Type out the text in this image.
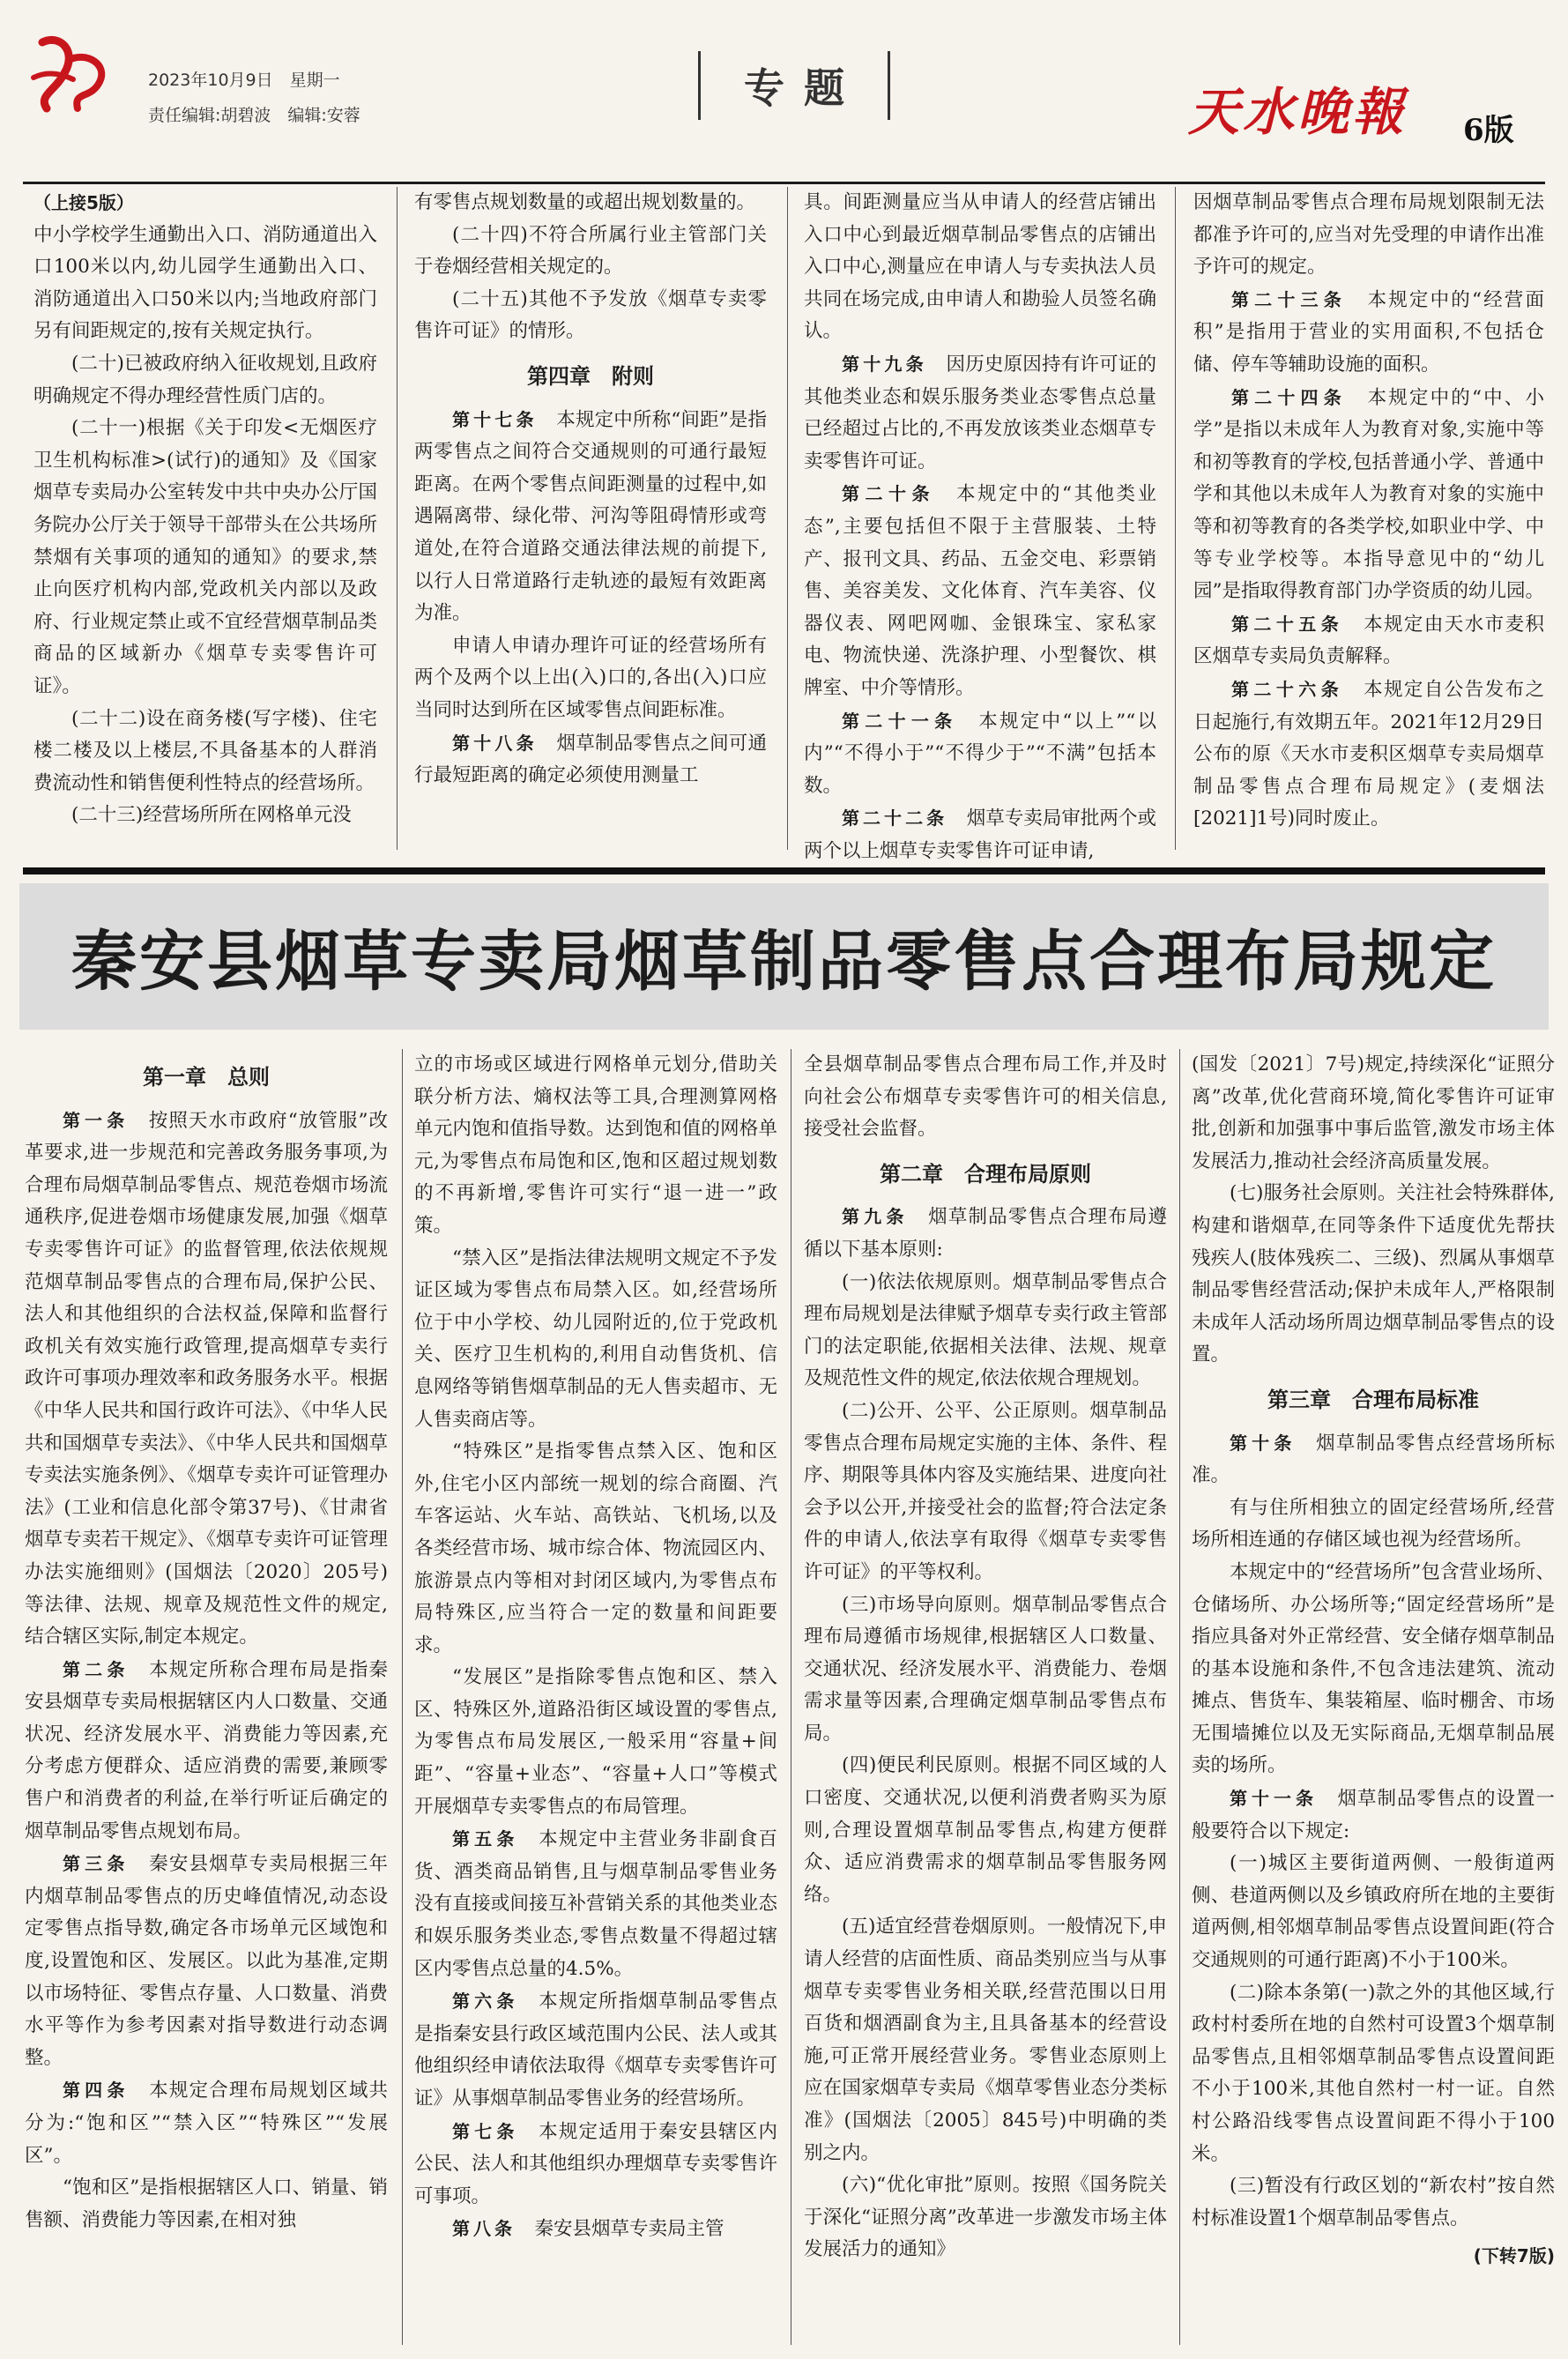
2023年10月9日　星期一
责任编辑:胡碧波　编辑:安蓉
专题	天水晚報 6版

（上接5版）

中小学校学生通勤出入口、消防通道出入口100米以内,幼儿园学生通勤出入口、消防通道出入口50米以内;当地政府部门另有间距规定的,按有关规定执行。

(二十)已被政府纳入征收规划,且政府明确规定不得办理经营性质门店的。

(二十一)根据《关于印发<无烟医疗卫生机构标准>(试行)的通知》及《国家烟草专卖局办公室转发中共中央办公厅国务院办公厅关于领导干部带头在公共场所禁烟有关事项的通知的通知》的要求,禁止向医疗机构内部,党政机关内部以及政府、行业规定禁止或不宜经营烟草制品类商品的区域新办《烟草专卖零售许可证》。

(二十二)设在商务楼(写字楼)、住宅楼二楼及以上楼层,不具备基本的人群消费流动性和销售便利性特点的经营场所。

(二十三)经营场所所在网格单元没

有零售点规划数量的或超出规划数量的。

(二十四)不符合所属行业主管部门关于卷烟经营相关规定的。

(二十五)其他不予发放《烟草专卖零售许可证》的情形。

第四章　附则

第十七条　 本规定中所称“间距”是指两零售点之间符合交通规则的可通行最短距离。在两个零售点间距测量的过程中,如遇隔离带、绿化带、河沟等阻碍情形或弯道处,在符合道路交通法律法规的前提下,以行人日常道路行走轨迹的最短有效距离为准。

申请人申请办理许可证的经营场所有两个及两个以上出(入)口的,各出(入)口应当同时达到所在区域零售点间距标准。

第十八条　 烟草制品零售点之间可通行最短距离的确定必须使用测量工

具。间距测量应当从申请人的经营店铺出入口中心到最近烟草制品零售点的店铺出入口中心,测量应在申请人与专卖执法人员共同在场完成,由申请人和勘验人员签名确认。

第十九条　 因历史原因持有许可证的其他类业态和娱乐服务类业态零售点总量已经超过占比的,不再发放该类业态烟草专卖零售许可证。

第二十条　 本规定中的“其他类业态”,主要包括但不限于主营服装、土特产、报刊文具、药品、五金交电、彩票销售、美容美发、文化体育、汽车美容、仪器仪表、网吧网咖、金银珠宝、家私家电、物流快递、洗涤护理、小型餐饮、棋牌室、中介等情形。

第二十一条　 本规定中“以上”“以内”“不得小于”“不得少于”“不满”包括本数。

第二十二条　 烟草专卖局审批两个或两个以上烟草专卖零售许可证申请,

因烟草制品零售点合理布局规划限制无法都准予许可的,应当对先受理的申请作出准予许可的规定。

第二十三条　 本规定中的“经营面积”是指用于营业的实用面积,不包括仓储、停车等辅助设施的面积。

第二十四条　 本规定中的“中、小学”是指以未成年人为教育对象,实施中等和初等教育的学校,包括普通小学、普通中学和其他以未成年人为教育对象的实施中等和初等教育的各类学校,如职业中学、中等专业学校等。本指导意见中的“幼儿园”是指取得教育部门办学资质的幼儿园。

第二十五条　 本规定由天水市麦积区烟草专卖局负责解释。

第二十六条　 本规定自公告发布之日起施行,有效期五年。2021年12月29日公布的原《天水市麦积区烟草专卖局烟草制品零售点合理布局规定》(麦烟法[2021]1号)同时废止。

秦安县烟草专卖局烟草制品零售点合理布局规定

第一章　总则

第一条　 按照天水市政府“放管服”改革要求,进一步规范和完善政务服务事项,为合理布局烟草制品零售点、规范卷烟市场流通秩序,促进卷烟市场健康发展,加强《烟草专卖零售许可证》的监督管理,依法依规规范烟草制品零售点的合理布局,保护公民、法人和其他组织的合法权益,保障和监督行政机关有效实施行政管理,提高烟草专卖行政许可事项办理效率和政务服务水平。根据《中华人民共和国行政许可法》、《中华人民共和国烟草专卖法》、《中华人民共和国烟草专卖法实施条例》、《烟草专卖许可证管理办法》(工业和信息化部令第37号)、《甘肃省烟草专卖若干规定》、《烟草专卖许可证管理办法实施细则》(国烟法〔2020〕205号)等法律、法规、规章及规范性文件的规定,结合辖区实际,制定本规定。

第二条　 本规定所称合理布局是指秦安县烟草专卖局根据辖区内人口数量、交通状况、经济发展水平、消费能力等因素,充分考虑方便群众、适应消费的需要,兼顾零售户和消费者的利益,在举行听证后确定的烟草制品零售点规划布局。

第三条　 秦安县烟草专卖局根据三年内烟草制品零售点的历史峰值情况,动态设定零售点指导数,确定各市场单元区域饱和度,设置饱和区、发展区。以此为基准,定期以市场特征、零售点存量、人口数量、消费水平等作为参考因素对指导数进行动态调整。

第四条　 本规定合理布局规划区域共分为:“饱和区”“禁入区”“特殊区”“发展区”。

“饱和区”是指根据辖区人口、销量、销售额、消费能力等因素,在相对独

立的市场或区域进行网格单元划分,借助关联分析方法、熵权法等工具,合理测算网格单元内饱和值指导数。达到饱和值的网格单元,为零售点布局饱和区,饱和区超过规划数的不再新增,零售许可实行“退一进一”政策。

“禁入区”是指法律法规明文规定不予发证区域为零售点布局禁入区。如,经营场所位于中小学校、幼儿园附近的,位于党政机关、医疗卫生机构的,利用自动售货机、信息网络等销售烟草制品的无人售卖超市、无人售卖商店等。

“特殊区”是指零售点禁入区、饱和区外,住宅小区内部统一规划的综合商圈、汽车客运站、火车站、高铁站、飞机场,以及各类经营市场、城市综合体、物流园区内、旅游景点内等相对封闭区域内,为零售点布局特殊区,应当符合一定的数量和间距要求。

“发展区”是指除零售点饱和区、禁入区、特殊区外,道路沿街区域设置的零售点,为零售点布局发展区,一般采用“容量+间距”、“容量+业态”、“容量+人口”等模式开展烟草专卖零售点的布局管理。

第五条　 本规定中主营业务非副食百货、酒类商品销售,且与烟草制品零售业务没有直接或间接互补营销关系的其他类业态和娱乐服务类业态,零售点数量不得超过辖区内零售点总量的4.5%。

第六条　 本规定所指烟草制品零售点是指秦安县行政区域范围内公民、法人或其他组织经申请依法取得《烟草专卖零售许可证》从事烟草制品零售业务的经营场所。

第七条　 本规定适用于秦安县辖区内公民、法人和其他组织办理烟草专卖零售许可事项。

第八条　 秦安县烟草专卖局主管

全县烟草制品零售点合理布局工作,并及时向社会公布烟草专卖零售许可的相关信息,接受社会监督。

第二章　合理布局原则

第九条　 烟草制品零售点合理布局遵循以下基本原则:

(一)依法依规原则。烟草制品零售点合理布局规划是法律赋予烟草专卖行政主管部门的法定职能,依据相关法律、法规、规章及规范性文件的规定,依法依规合理规划。

(二)公开、公平、公正原则。烟草制品零售点合理布局规定实施的主体、条件、程序、期限等具体内容及实施结果、进度向社会予以公开,并接受社会的监督;符合法定条件的申请人,依法享有取得《烟草专卖零售许可证》的平等权利。

(三)市场导向原则。烟草制品零售点合理布局遵循市场规律,根据辖区人口数量、交通状况、经济发展水平、消费能力、卷烟需求量等因素,合理确定烟草制品零售点布局。

(四)便民利民原则。根据不同区域的人口密度、交通状况,以便利消费者购买为原则,合理设置烟草制品零售点,构建方便群众、适应消费需求的烟草制品零售服务网络。

(五)适宜经营卷烟原则。一般情况下,申请人经营的店面性质、商品类别应当与从事烟草专卖零售业务相关联,经营范围以日用百货和烟酒副食为主,且具备基本的经营设施,可正常开展经营业务。零售业态原则上应在国家烟草专卖局《烟草零售业态分类标准》(国烟法〔2005〕845号)中明确的类别之内。

(六)“优化审批”原则。按照《国务院关于深化“证照分离”改革进一步激发市场主体发展活力的通知》

(国发〔2021〕7号)规定,持续深化“证照分离”改革,优化营商环境,简化零售许可证审批,创新和加强事中事后监管,激发市场主体发展活力,推动社会经济高质量发展。

(七)服务社会原则。关注社会特殊群体,构建和谐烟草,在同等条件下适度优先帮扶残疾人(肢体残疾二、三级)、烈属从事烟草制品零售经营活动;保护未成年人,严格限制未成年人活动场所周边烟草制品零售点的设置。

第三章　合理布局标准

第十条　 烟草制品零售点经营场所标准。

有与住所相独立的固定经营场所,经营场所相连通的存储区域也视为经营场所。

本规定中的“经营场所”包含营业场所、仓储场所、办公场所等;“固定经营场所”是指应具备对外正常经营、安全储存烟草制品的基本设施和条件,不包含违法建筑、流动摊点、售货车、集装箱屋、临时棚舍、市场无围墙摊位以及无实际商品,无烟草制品展卖的场所。

第十一条　 烟草制品零售点的设置一般要符合以下规定:

(一)城区主要街道两侧、一般街道两侧、巷道两侧以及乡镇政府所在地的主要街道两侧,相邻烟草制品零售点设置间距(符合交通规则的可通行距离)不小于100米。

(二)除本条第(一)款之外的其他区域,行政村村委所在地的自然村可设置3个烟草制品零售点,且相邻烟草制品零售点设置间距不小于100米,其他自然村一村一证。自然村公路沿线零售点设置间距不得小于100米。

(三)暂没有行政区划的“新农村”按自然村标准设置1个烟草制品零售点。

(下转7版)
